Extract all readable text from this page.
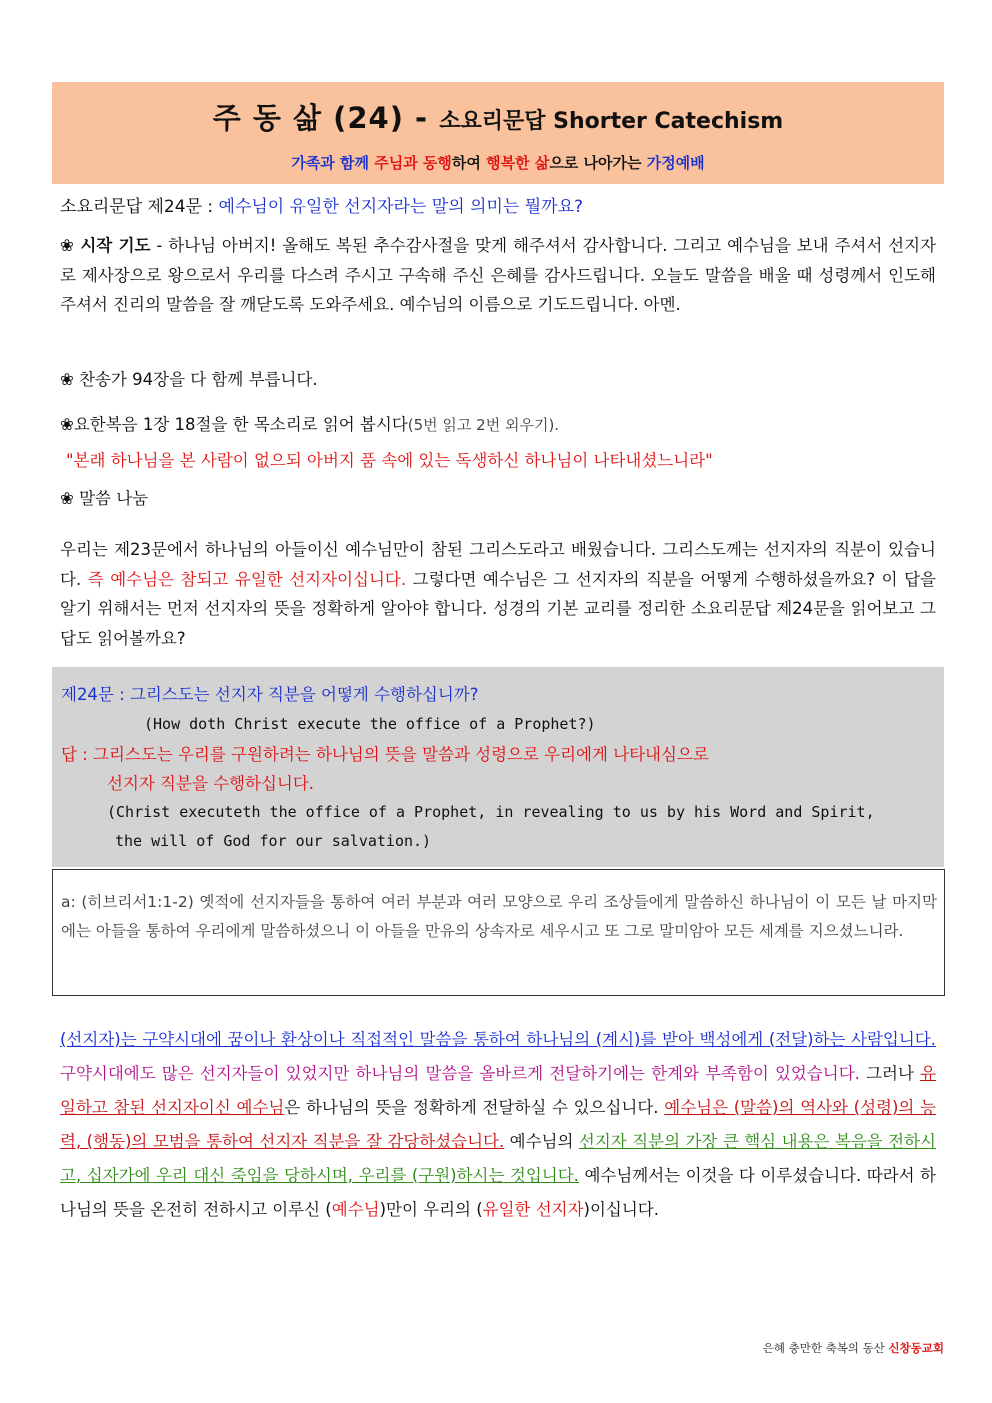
주 동 삶 (24) - 소요리문답 Shorter Catechism
가족과 함께 주님과 동행하여 행복한 삶으로 나아가는 가정예배
소요리문답 제24문 : 예수님이 유일한 선지자라는 말의 의미는 뭘까요?
❀ 시작 기도 - 하나님 아버지! 올해도 복된 추수감사절을 맞게 해주셔서 감사합니다. 그리고 예수님을 보내 주셔서 선지자로 제사장으로 왕으로서 우리를 다스려 주시고 구속해 주신 은혜를 감사드립니다. 오늘도 말씀을 배울 때 성령께서 인도해 주셔서 진리의 말씀을 잘 깨닫도록 도와주세요. 예수님의 이름으로 기도드립니다. 아멘.
❀ 찬송가 94장을 다 함께 부릅니다.
❀요한복음 1장 18절을 한 목소리로 읽어 봅시다(5번 읽고 2번 외우기).
"본래 하나님을 본 사람이 없으되 아버지 품 속에 있는 독생하신 하나님이 나타내셨느니라"
❀ 말씀 나눔
우리는 제23문에서 하나님의 아들이신 예수님만이 참된 그리스도라고 배웠습니다. 그리스도께는 선지자의 직분이 있습니다. 즉 예수님은 참되고 유일한 선지자이십니다. 그렇다면 예수님은 그 선지자의 직분을 어떻게 수행하셨을까요? 이 답을 알기 위해서는 먼저 선지자의 뜻을 정확하게 알아야 합니다. 성경의 기본 교리를 정리한 소요리문답 제24문을 읽어보고 그 답도 읽어볼까요?
제24문 : 그리스도는 선지자 직분을 어떻게 수행하십니까?
(How doth Christ execute the office of a Prophet?)
답 : 그리스도는 우리를 구원하려는 하나님의 뜻을 말씀과 성령으로 우리에게 나타내심으로
선지자 직분을 수행하십니다.
(Christ executeth the office of a Prophet, in revealing to us by his Word and Spirit,
the will of God for our salvation.)
a: (히브리서1:1-2) 옛적에 선지자들을 통하여 여러 부분과 여러 모양으로 우리 조상들에게 말씀하신 하나님이 이 모든 날 마지막에는 아들을 통하여 우리에게 말씀하셨으니 이 아들을 만유의 상속자로 세우시고 또 그로 말미암아 모든 세계를 지으셨느니라.
(선지자)는 구약시대에 꿈이나 환상이나 직접적인 말씀을 통하여 하나님의 (계시)를 받아 백성에게 (전달)하는 사람입니다. 구약시대에도 많은 선지자들이 있었지만 하나님의 말씀을 올바르게 전달하기에는 한계와 부족함이 있었습니다. 그러나 유일하고 참된 선지자이신 예수님은 하나님의 뜻을 정확하게 전달하실 수 있으십니다. 예수님은 (말씀)의 역사와 (성령)의 능력, (행동)의 모범을 통하여 선지자 직분을 잘 감당하셨습니다. 예수님의 선지자 직분의 가장 큰 핵심 내용은 복음을 전하시고, 십자가에 우리 대신 죽임을 당하시며, 우리를 (구원)하시는 것입니다. 예수님께서는 이것을 다 이루셨습니다. 따라서 하나님의 뜻을 온전히 전하시고 이루신 (예수님)만이 우리의 (유일한 선지자)이십니다.
은혜 충만한 축복의 동산 신창동교회
